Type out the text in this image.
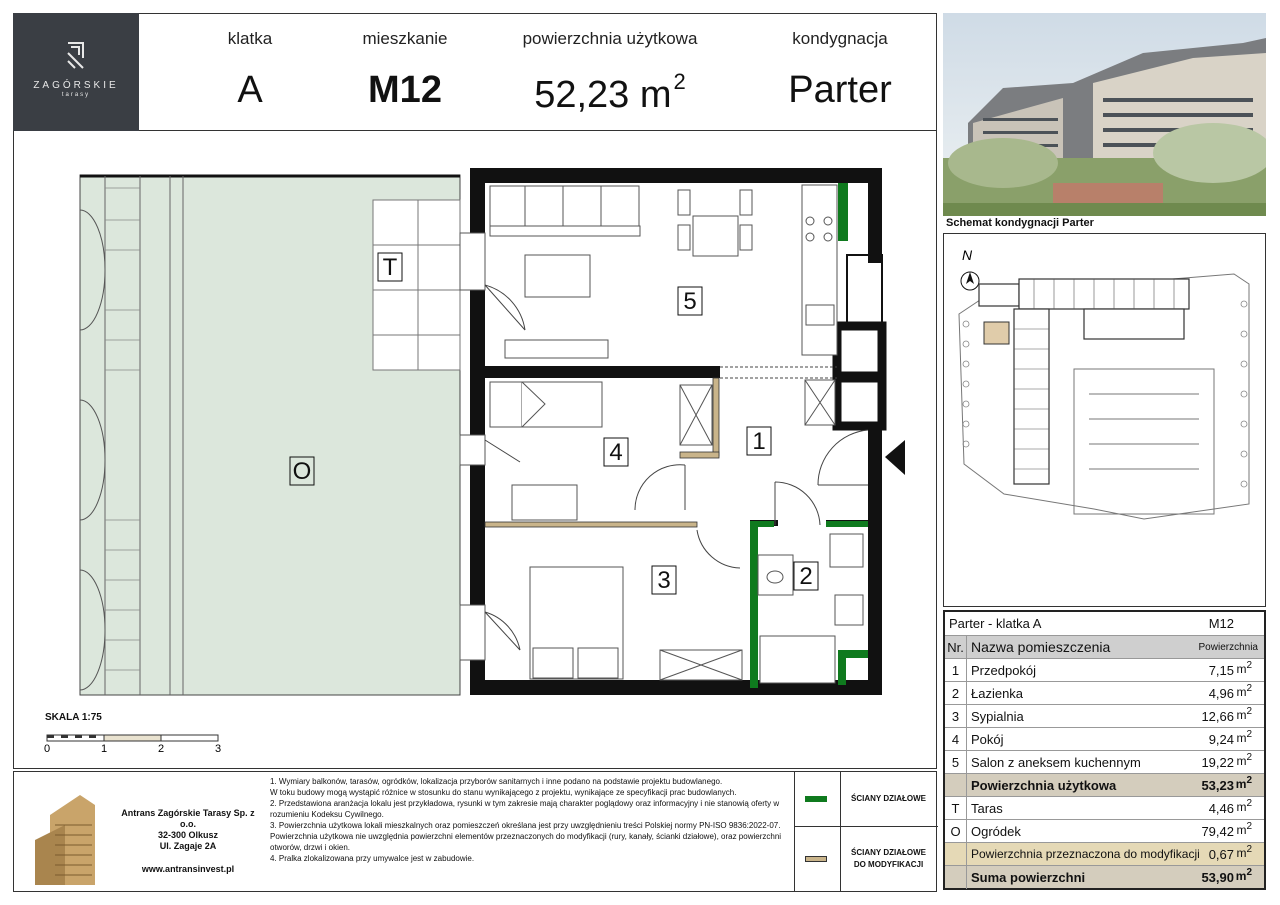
ZAGÓRSKIE
tarasy
klatka
A
mieszkanie
M12
powierzchnia użytkowa
52,23 $m^2$
kondygnacja
Parter
5
4	1
3	2
T
O
0	1	2	3
SKALA 1:75
Schemat kondygnacji Parter
N
Parter - klatka A	M12
Nr. Nazwa pomieszczenia	Powierzchnia
1 Przedpokój	7,15 $m^2$
2 Łazienka	4,96 $m^2$
3 Sypialnia	12,66 $m^2$
4 Pokój	9,24 $m^2$
5 Salon z aneksem kuchennym	19,22 $m^2$
Powierzchnia użytkowa	53,23 $m^2$
T Taras	4,46 $m^2$
O Ogródek	79,42 $m^2$
Powierzchnia przeznaczona do modyfikacji 0,67 $m^2$
Suma powierzchni	53,90 $m^2$
Antrans Zagórskie Tarasy Sp. z o.o.
32-300 Olkusz
Ul. Zagaje 2A
www.antransinvest.pl

1. Wymiary balkonów, tarasów, ogródków, lokalizacja przyborów sanitarnych i inne podano na podstawie projektu budowlanego.

W toku budowy mogą wystąpić różnice w stosunku do stanu wynikającego z projektu, wynikające ze specyfikacji prac budowlanych.

2. Przedstawiona aranżacja lokalu jest przykładowa, rysunki w tym zakresie mają charakter poglądowy oraz informacyjny i nie stanowią oferty w rozumieniu Kodeksu Cywilnego.

3. Powierzchnia użytkowa lokali mieszkalnych oraz pomieszczeń określana jest przy uwzględnieniu treści Polskiej normy PN-ISO 9836:2022-07.

Powierzchnia użytkowa nie uwzględnia powierzchni elementów przeznaczonych do modyfikacji (rury, kanały, ścianki działowe), oraz powierzchni otworów, drzwi i okien.

4. Pralka zlokalizowana przy umywalce jest w zabudowie.

ŚCIANY DZIAŁOWE
ŚCIANY DZIAŁOWE
DO MODYFIKACJI
